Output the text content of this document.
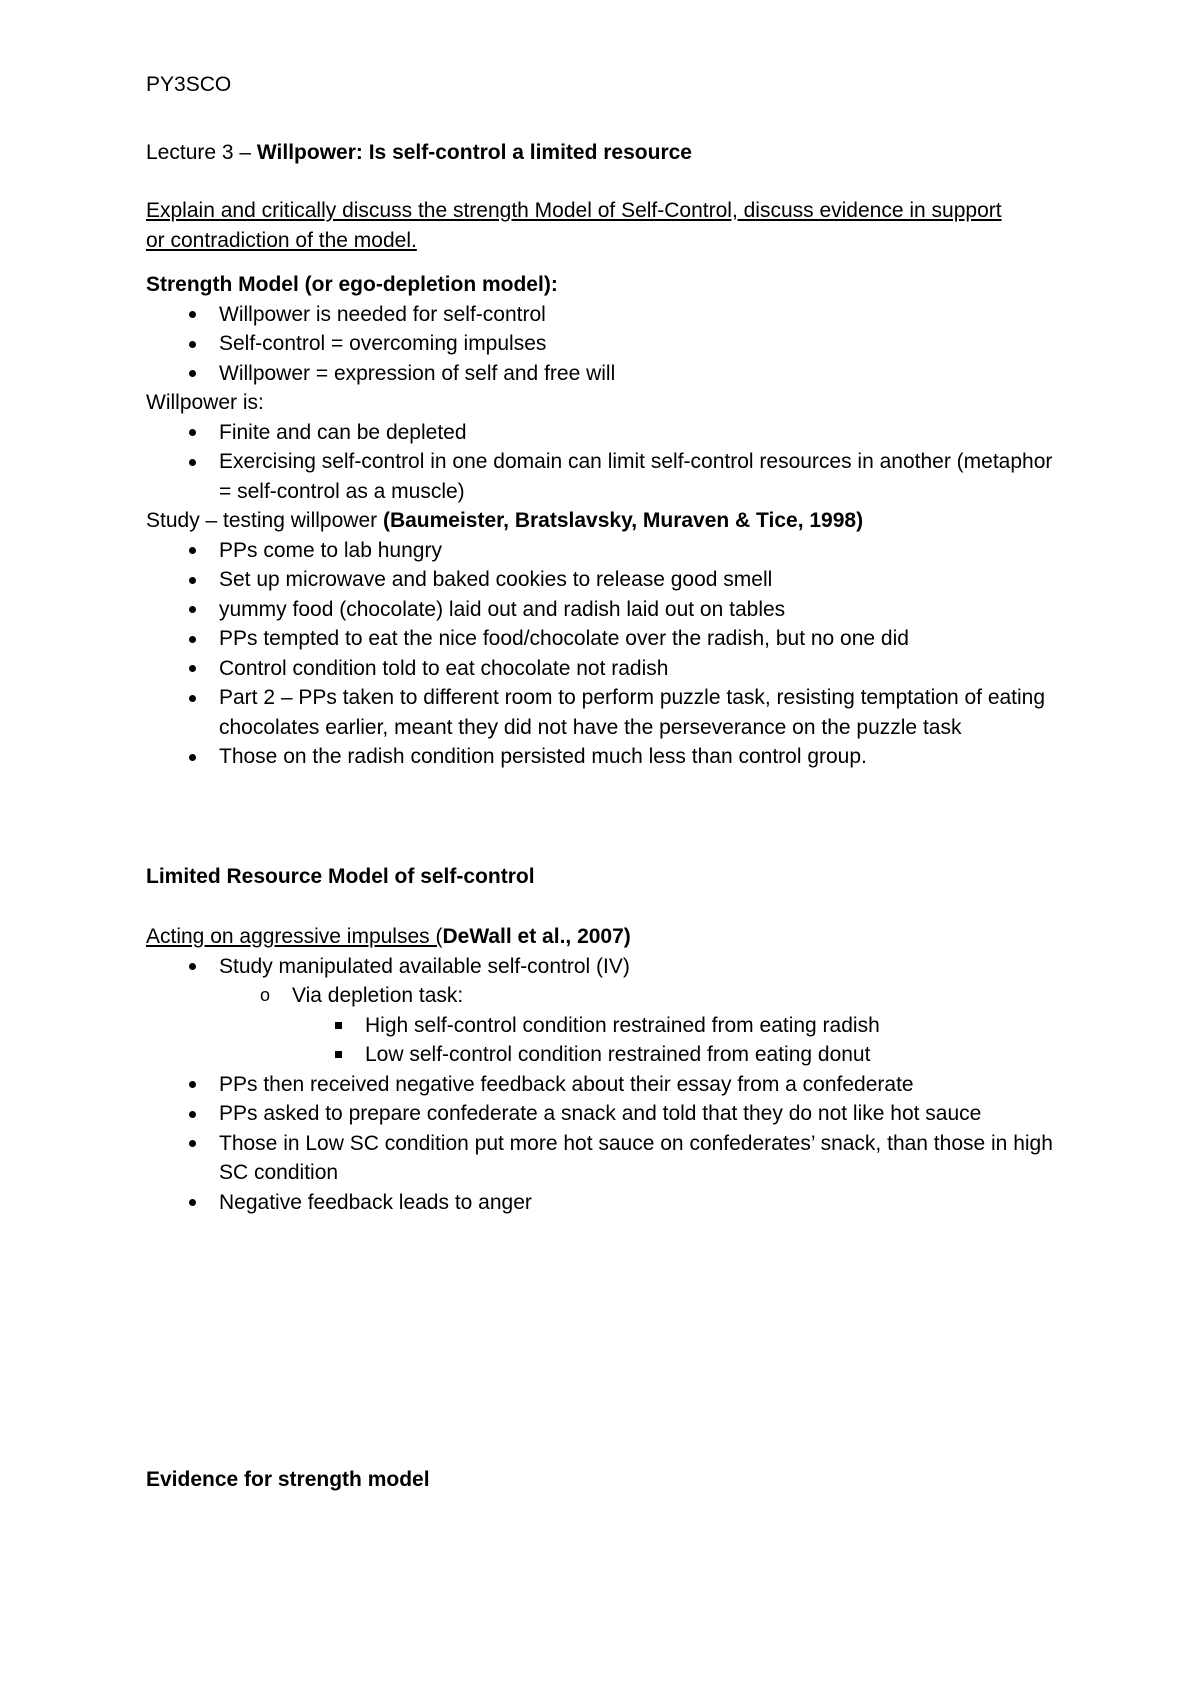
PY3SCO
Lecture 3 – Willpower: Is self-control a limited resource
Explain and critically discuss the strength Model of Self-Control, discuss evidence in support
or contradiction of the model.
Strength Model (or ego-depletion model):
Willpower is needed for self-control
Self-control = overcoming impulses
Willpower = expression of self and free will
Willpower is:
Finite and can be depleted
Exercising self-control in one domain can limit self-control resources in another (metaphor = self-control as a muscle)
Study – testing willpower (Baumeister, Bratslavsky, Muraven & Tice, 1998)
PPs come to lab hungry
Set up microwave and baked cookies to release good smell
yummy food (chocolate) laid out and radish laid out on tables
PPs tempted to eat the nice food/chocolate over the radish, but no one did
Control condition told to eat chocolate not radish
Part 2 – PPs taken to different room to perform puzzle task, resisting temptation of eating chocolates earlier, meant they did not have the perseverance on the puzzle task
Those on the radish condition persisted much less than control group.
Limited Resource Model of self-control
Acting on aggressive impulses (DeWall et al., 2007)
Study manipulated available self-control (IV)
o Via depletion task:
High self-control condition restrained from eating radish
Low self-control condition restrained from eating donut
PPs then received negative feedback about their essay from a confederate
PPs asked to prepare confederate a snack and told that they do not like hot sauce
Those in Low SC condition put more hot sauce on confederates’ snack, than those in high SC condition
Negative feedback leads to anger
Evidence for strength model
